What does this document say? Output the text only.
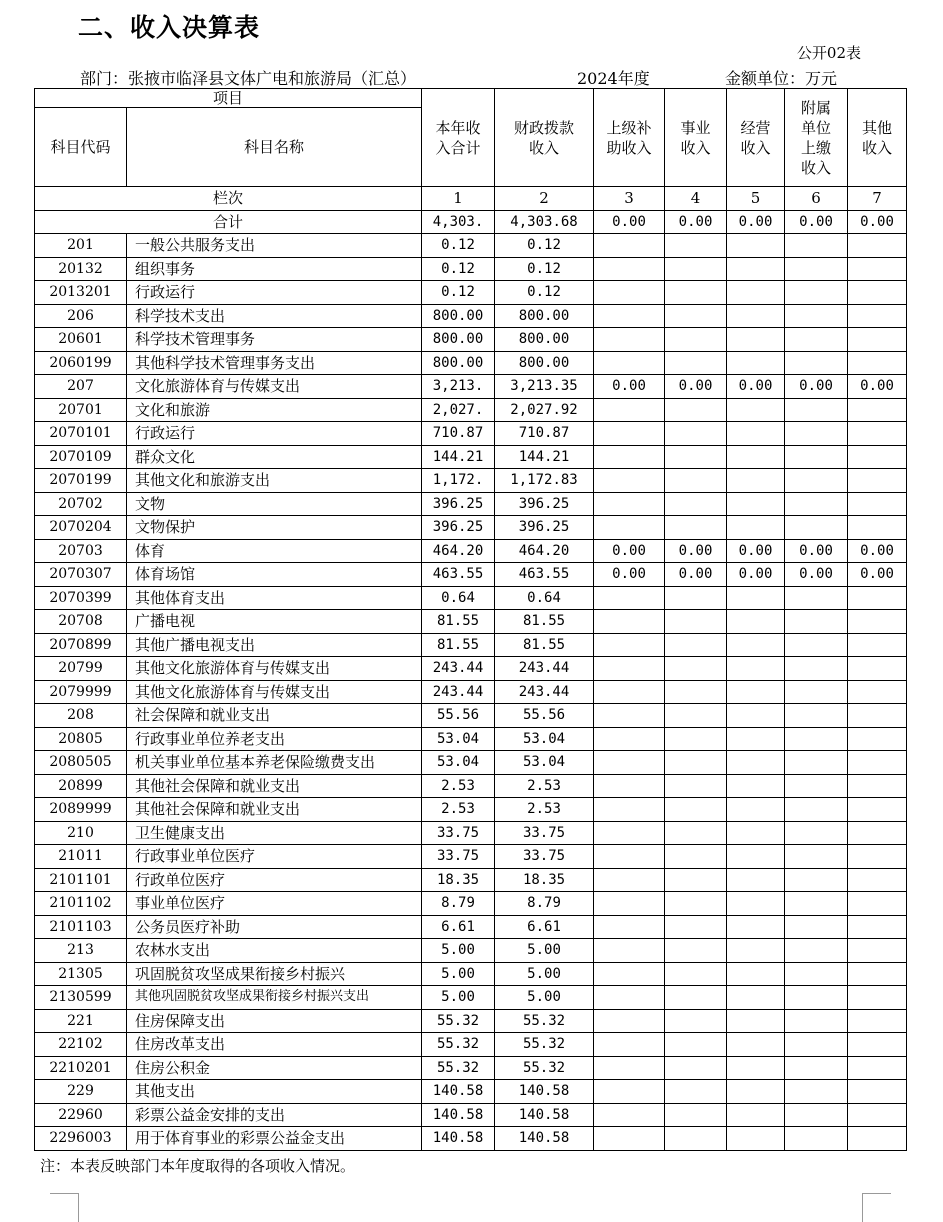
二、收入决算表
公开02表
部门：张掖市临泽县文体广电和旅游局（汇总）	2024年度	金额单位：万元
项目		本年收入合计	财政拨款收入	上级补助收入	事业收入	经营收入	附属单位上缴收入	其他收入

科目代码	科目名称							
栏次		1	2	3	4	5	6	7
合计		4,303.	4,303.68	0.00	0.00	0.00	0.00	0.00
201	一般公共服务支出	0.12	0.12					
20132	组织事务	0.12	0.12					
2013201	行政运行	0.12	0.12					
206	科学技术支出	800.00	800.00					
20601	科学技术管理事务	800.00	800.00					
2060199	其他科学技术管理事务支出	800.00	800.00					
207	文化旅游体育与传媒支出	3,213.	3,213.35	0.00	0.00	0.00	0.00	0.00
20701	文化和旅游	2,027.	2,027.92					
2070101	行政运行	710.87	710.87					
2070109	群众文化	144.21	144.21					
2070199	其他文化和旅游支出	1,172.	1,172.83					
20702	文物	396.25	396.25					
2070204	文物保护	396.25	396.25					
20703	体育	464.20	464.20	0.00	0.00	0.00	0.00	0.00
2070307	体育场馆	463.55	463.55	0.00	0.00	0.00	0.00	0.00
2070399	其他体育支出	0.64	0.64					
20708	广播电视	81.55	81.55					
2070899	其他广播电视支出	81.55	81.55					
20799	其他文化旅游体育与传媒支出	243.44	243.44					
2079999	其他文化旅游体育与传媒支出	243.44	243.44					
208	社会保障和就业支出	55.56	55.56					
20805	行政事业单位养老支出	53.04	53.04					
2080505	机关事业单位基本养老保险缴费支出	53.04	53.04					
20899	其他社会保障和就业支出	2.53	2.53					
2089999	其他社会保障和就业支出	2.53	2.53					
210	卫生健康支出	33.75	33.75					
21011	行政事业单位医疗	33.75	33.75					
2101101	行政单位医疗	18.35	18.35					
2101102	事业单位医疗	8.79	8.79					
2101103	公务员医疗补助	6.61	6.61					
213	农林水支出	5.00	5.00					
21305	巩固脱贫攻坚成果衔接乡村振兴	5.00	5.00					
2130599	其他巩固脱贫攻坚成果衔接乡村振兴支出	5.00	5.00					
221	住房保障支出	55.32	55.32					
22102	住房改革支出	55.32	55.32					
2210201	住房公积金	55.32	55.32					
229	其他支出	140.58	140.58					
22960	彩票公益金安排的支出	140.58	140.58					
2296003	用于体育事业的彩票公益金支出	140.58	140.58					
注：本表反映部门本年度取得的各项收入情况。
